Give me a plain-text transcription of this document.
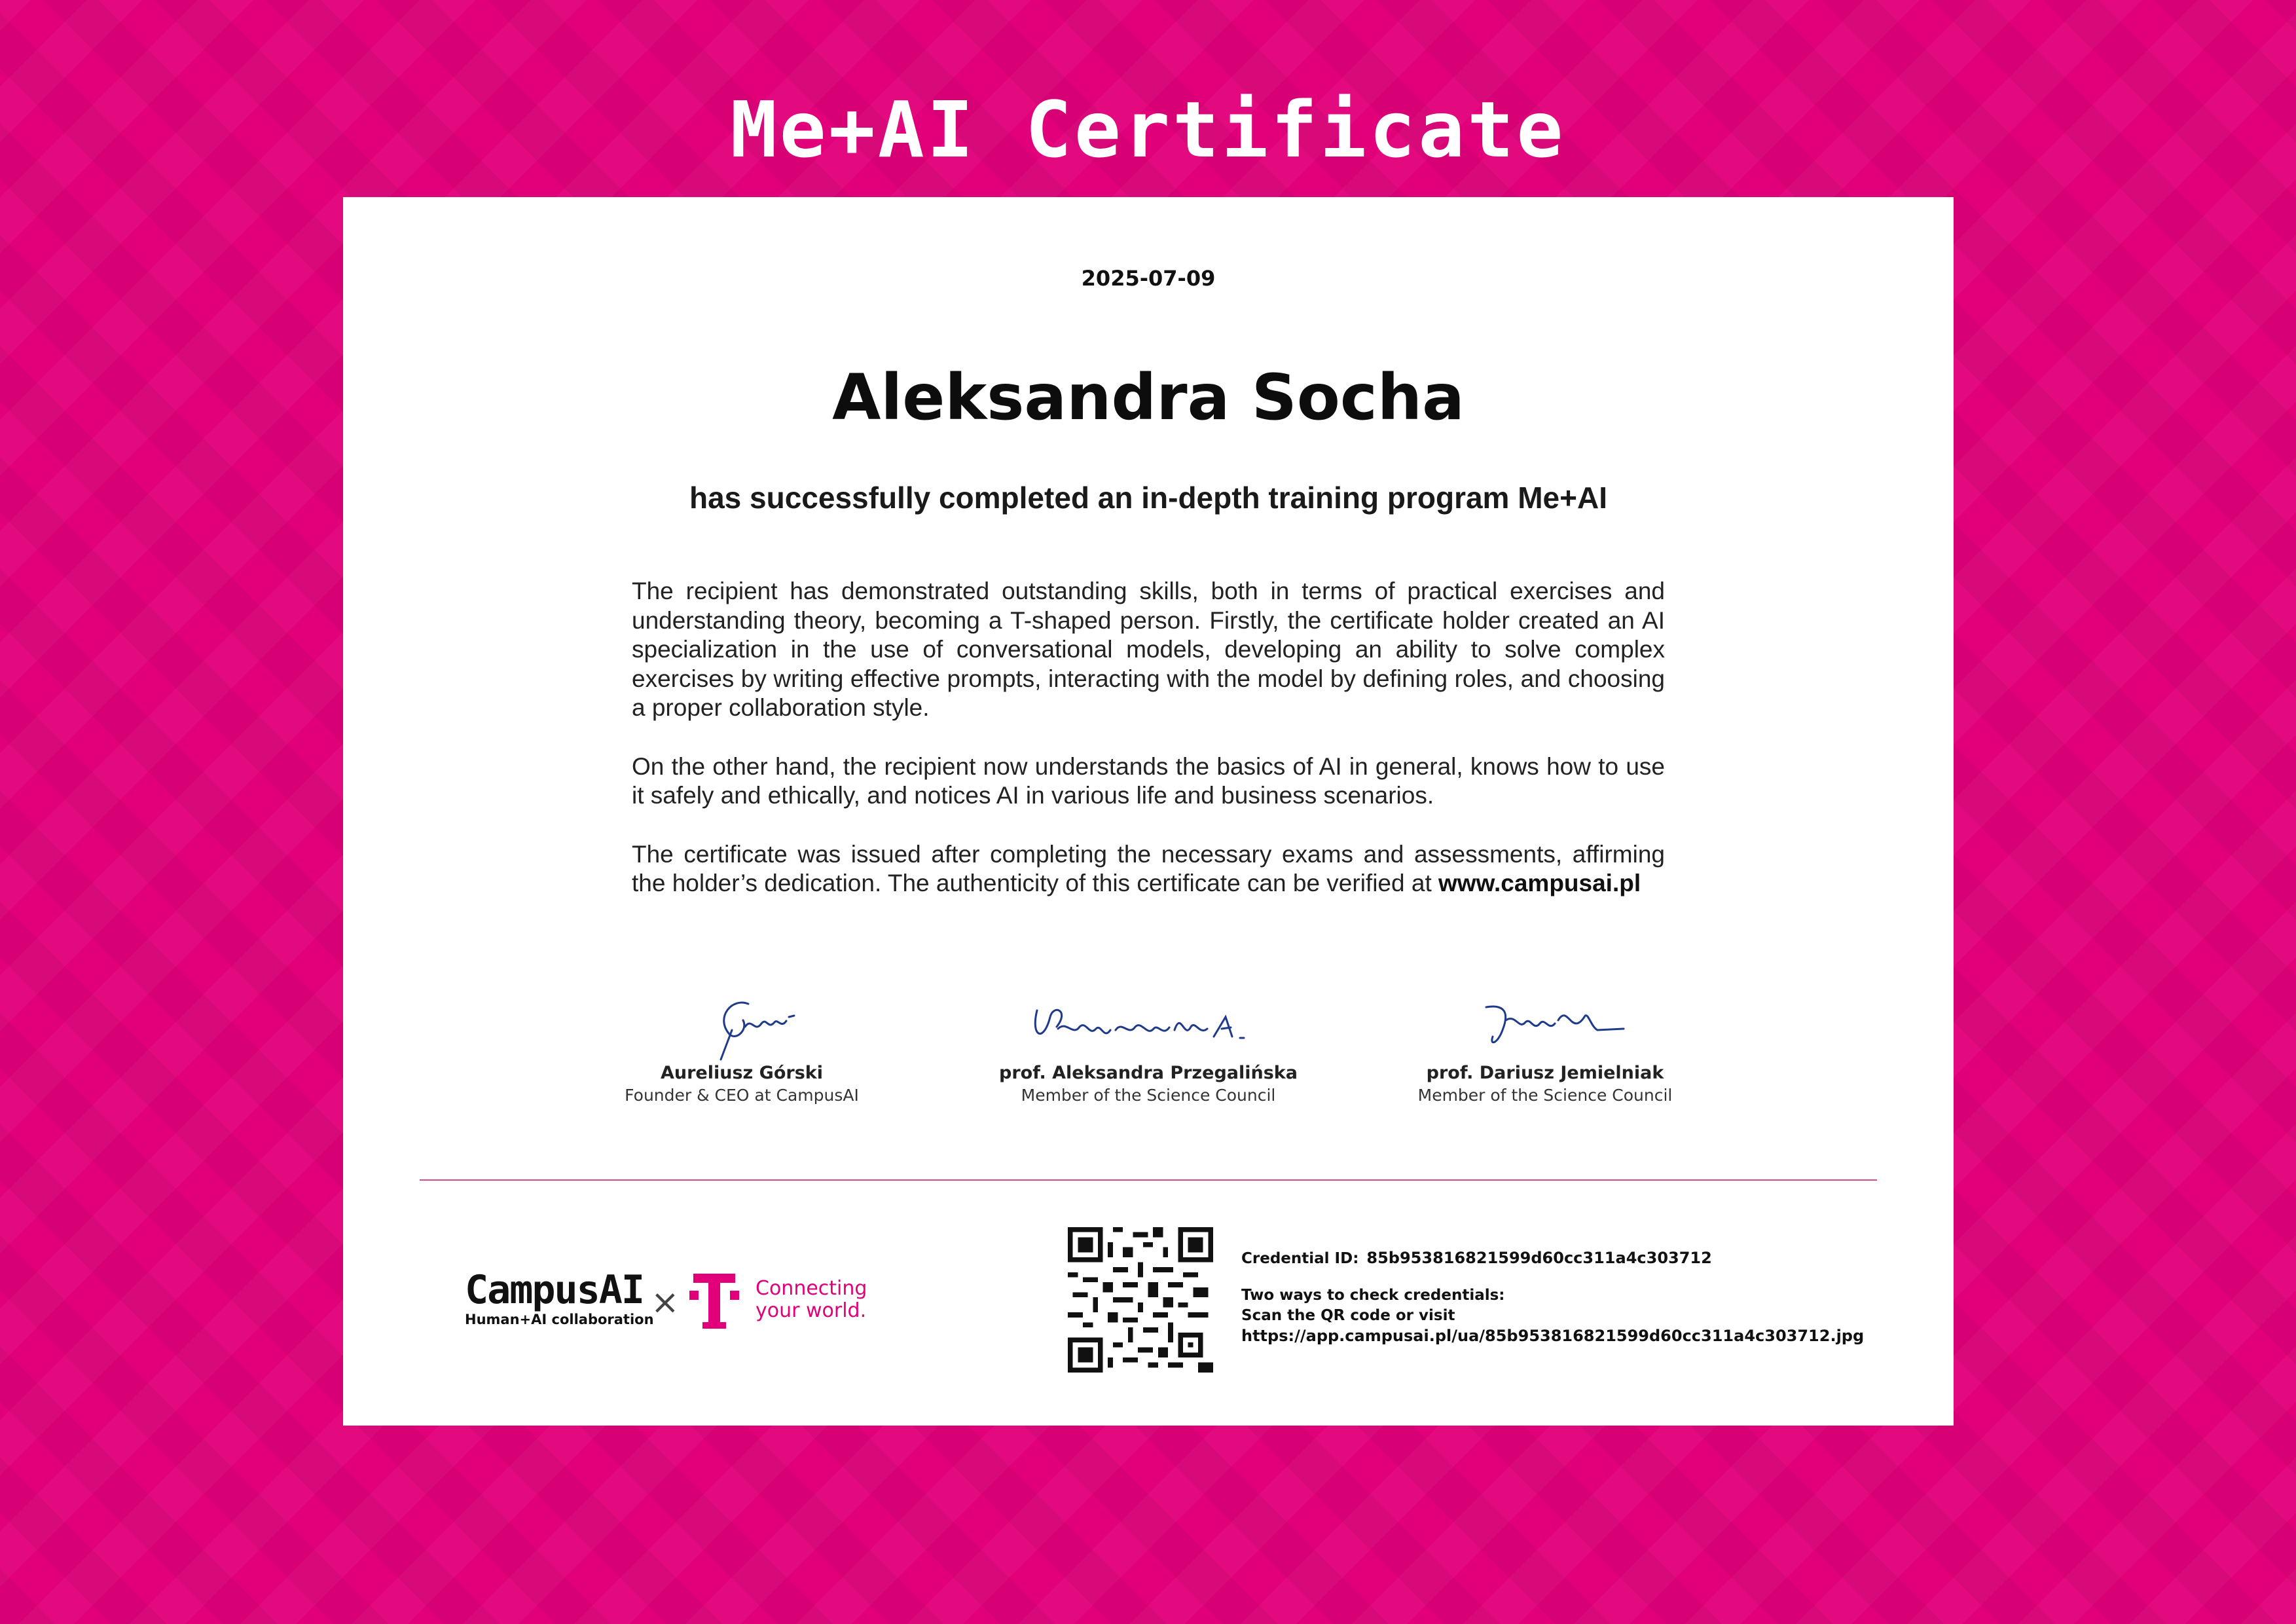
Me+AI Certificate
2025-07-09
Aleksandra Socha
has successfully completed an in-depth training program Me+AI

The recipient has demonstrated outstanding skills, both in terms of practical exercises and understanding theory, becoming a T-shaped person. Firstly, the certificate holder created an AI specialization in the use of conversational models, developing an ability to solve complex exercises by writing effective prompts, interacting with the model by defining roles, and choosing a proper collaboration style.

On the other hand, the recipient now understands the basics of AI in general, knows how to use it safely and ethically, and notices AI in various life and business scenarios.

The certificate was issued after completing the necessary exams and assessments, affirming the holder’s dedication. The authenticity of this certificate can be verified at www.campusai.pl

Aureliusz Górski
Founder & CEO at CampusAI
prof. Aleksandra Przegalińska
Member of the Science Council
prof. Dariusz Jemielniak
Member of the Science Council
CampusAI
Human+AI collaboration
×	Connecting
your world.
Credential ID: 85b953816821599d60cc311a4c303712
Two ways to check credentials:
Scan the QR code or visit
https://app.campusai.pl/ua/85b953816821599d60cc311a4c303712.jpg
